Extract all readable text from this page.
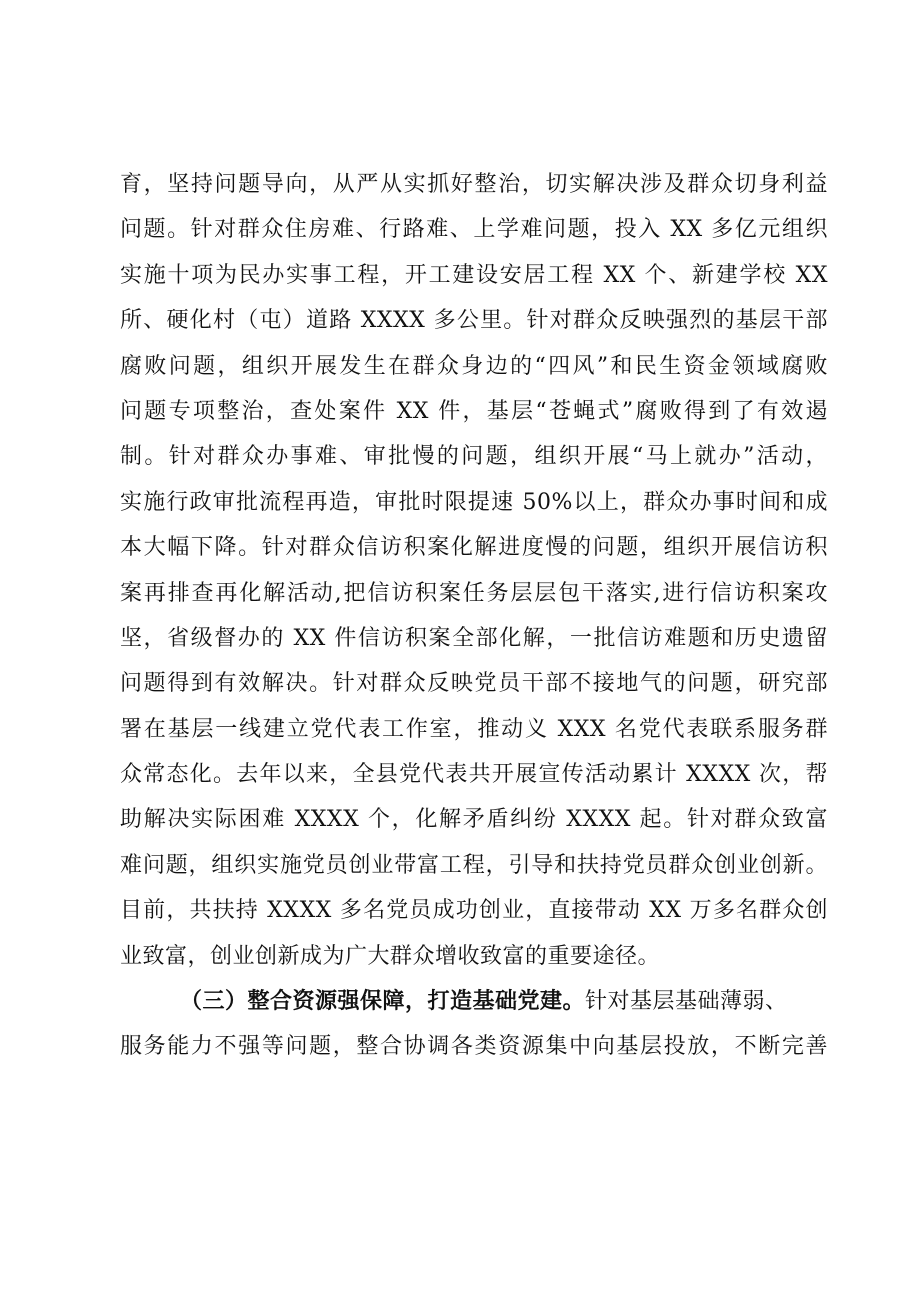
育，坚持问题导向，从严从实抓好整治，切实解决涉及群众切身利益
问题。针对群众住房难、行路难、上学难问题，投入 XX 多亿元组织
实施十项为民办实事工程，开工建设安居工程 XX 个、新建学校 XX
所、硬化村（屯）道路 XXXX 多公里。针对群众反映强烈的基层干部
腐败问题，组织开展发生在群众身边的“四风”和民生资金领域腐败
问题专项整治，查处案件 XX 件，基层“苍蝇式”腐败得到了有效遏
制。针对群众办事难、审批慢的问题，组织开展“马上就办”活动，
实施行政审批流程再造，审批时限提速 50%以上，群众办事时间和成
本大幅下降。针对群众信访积案化解进度慢的问题，组织开展信访积
案再排查再化解活动,把信访积案任务层层包干落实,进行信访积案攻
坚，省级督办的 XX 件信访积案全部化解，一批信访难题和历史遗留
问题得到有效解决。针对群众反映党员干部不接地气的问题，研究部
署在基层一线建立党代表工作室，推动义 XXX 名党代表联系服务群
众常态化。去年以来，全县党代表共开展宣传活动累计 XXXX 次，帮
助解决实际困难 XXXX 个，化解矛盾纠纷 XXXX 起。针对群众致富
难问题，组织实施党员创业带富工程，引导和扶持党员群众创业创新。
目前，共扶持 XXXX 多名党员成功创业，直接带动 XX 万多名群众创
业致富，创业创新成为广大群众增收致富的重要途径。
（三）整合资源强保障，打造基础党建。针对基层基础薄弱、
服务能力不强等问题，整合协调各类资源集中向基层投放，不断完善
